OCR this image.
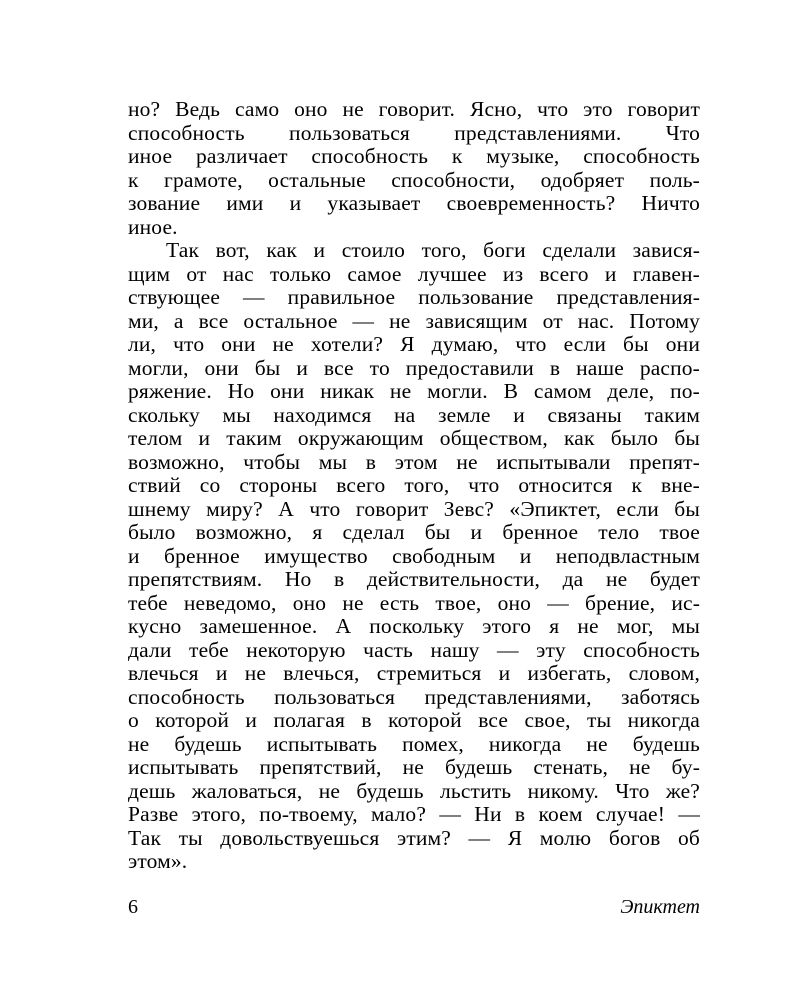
но? Ведь само оно не говорит. Ясно, что это говорит
способность пользоваться представлениями. Что
иное различает способность к музыке, способность
к грамоте, остальные способности, одобряет поль-
зование ими и указывает своевременность? Ничто
иное.
Так вот, как и стоило того, боги сделали завися-
щим от нас только самое лучшее из всего и главен-
ствующее — правильное пользование представления-
ми, а все остальное — не зависящим от нас. Потому
ли, что они не хотели? Я думаю, что если бы они
могли, они бы и все то предоставили в наше распо-
ряжение. Но они никак не могли. В самом деле, по-
скольку мы находимся на земле и связаны таким
телом и таким окружающим обществом, как было бы
возможно, чтобы мы в этом не испытывали препят-
ствий со стороны всего того, что относится к вне-
шнему миру? А что говорит Зевс? «Эпиктет, если бы
было возможно, я сделал бы и бренное тело твое
и бренное имущество свободным и неподвластным
препятствиям. Но в действительности, да не будет
тебе неведомо, оно не есть твое, оно — брение, ис-
кусно замешенное. А поскольку этого я не мог, мы
дали тебе некоторую часть нашу — эту способность
влечься и не влечься, стремиться и избегать, словом,
способность пользоваться представлениями, заботясь
о которой и полагая в которой все свое, ты никогда
не будешь испытывать помех, никогда не будешь
испытывать препятствий, не будешь стенать, не бу-
дешь жаловаться, не будешь льстить никому. Что же?
Разве этого, по-твоему, мало? — Ни в коем случае! —
Так ты довольствуешься этим? — Я молю богов об
этом».
6	Эпиктет
